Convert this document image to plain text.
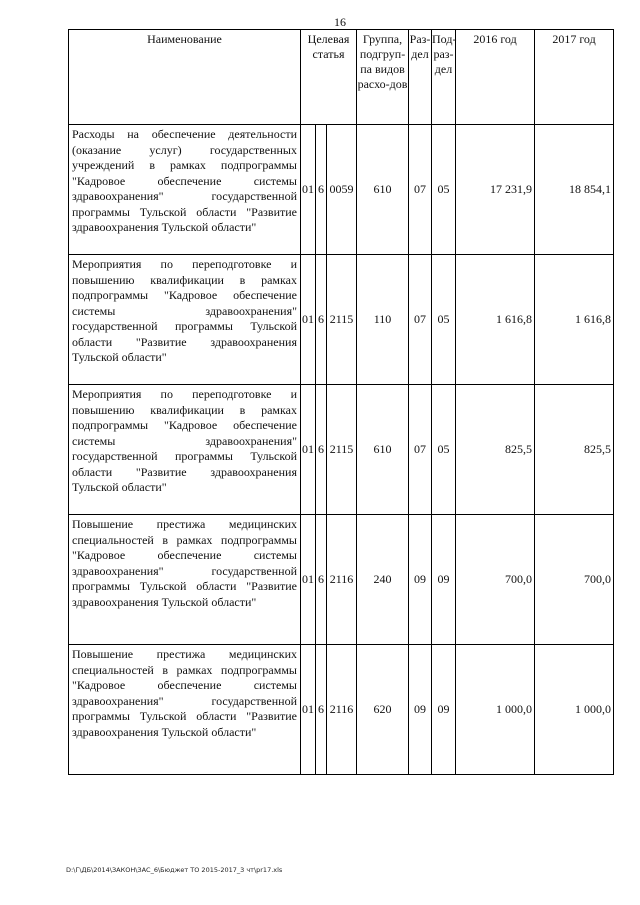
16
Наименование	Целевая статья			Группа, подгруп-па видов расхо-дов	Раз-дел	Под-раз-дел	2016 год	2017 год
Расходы на обеспечение деятельности (оказание услуг) государственных учреждений в рамках подпрограммы "Кадровое обеспечение системы здравоохранения" государственной программы Тульской области "Развитие здравоохранения Тульской области"	01	6	0059	610	07	05	17 231,9	18 854,1
Мероприятия по переподготовке и повышению квалификации в рамках подпрограммы "Кадровое обеспечение системы здравоохранения" государственной программы Тульской области "Развитие здравоохранения Тульской области"	01	6	2115	110	07	05	1 616,8	1 616,8
Мероприятия по переподготовке и повышению квалификации в рамках подпрограммы "Кадровое обеспечение системы здравоохранения" государственной программы Тульской области "Развитие здравоохранения Тульской области"	01	6	2115	610	07	05	825,5	825,5
Повышение престижа медицинских специальностей в рамках подпрограммы "Кадровое обеспечение системы здравоохранения" государственной программы Тульской области "Развитие здравоохранения Тульской области"	01	6	2116	240	09	09	700,0	700,0
Повышение престижа медицинских специальностей в рамках подпрограммы "Кадровое обеспечение системы здравоохранения" государственной программы Тульской области "Развитие здравоохранения Тульской области"	01	6	2116	620	09	09	1 000,0	1 000,0
D:\Г\ДБ\2014\ЗАКОН\ЗАС_6\Бюджет ТО 2015-2017_3 чт\pr17.xls
